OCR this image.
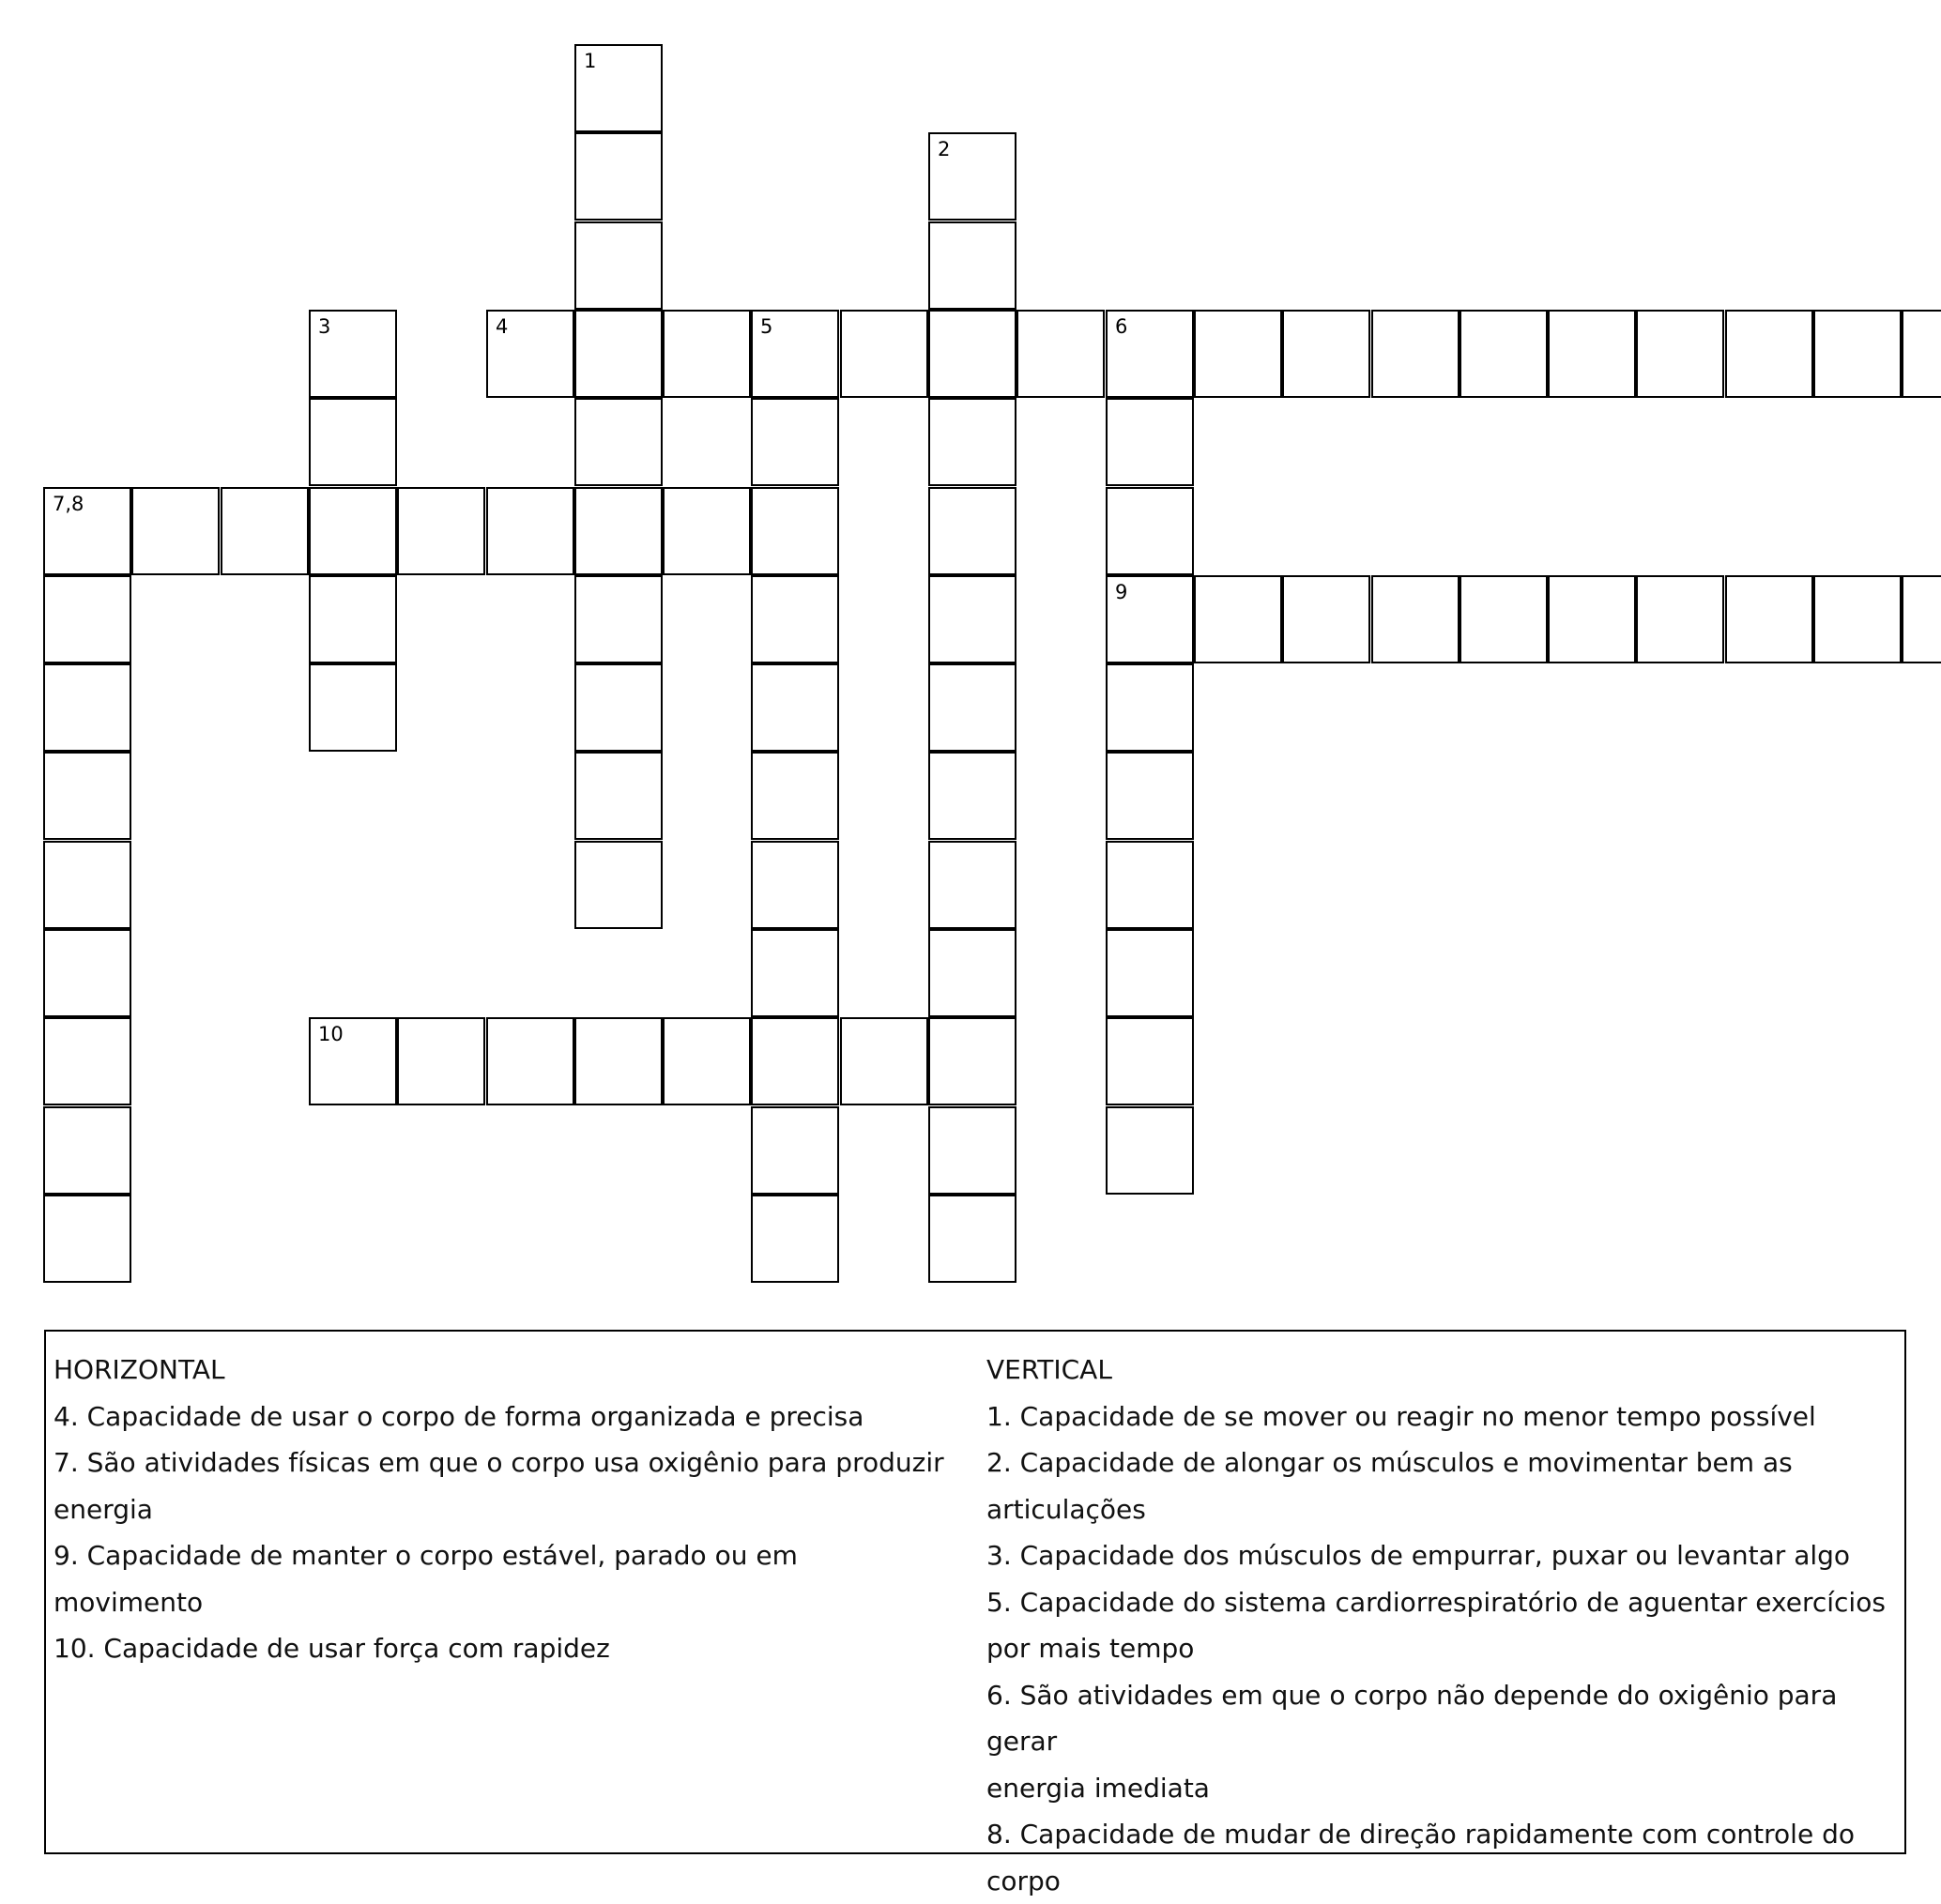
1
2
3	4	5	6
9
7,8
10
HORIZONTAL
4. Capacidade de usar o corpo de forma organizada e precisa
7. São atividades físicas em que o corpo usa oxigênio para produzir
energia
9. Capacidade de manter o corpo estável, parado ou em movimento
10. Capacidade de usar força com rapidez
VERTICAL
1. Capacidade de se mover ou reagir no menor tempo possível
2. Capacidade de alongar os músculos e movimentar bem as
articulações
3. Capacidade dos músculos de empurrar, puxar ou levantar algo
5. Capacidade do sistema cardiorrespiratório de aguentar exercícios
por mais tempo
6. São atividades em que o corpo não depende do oxigênio para gerar
energia imediata
8. Capacidade de mudar de direção rapidamente com controle do corpo
